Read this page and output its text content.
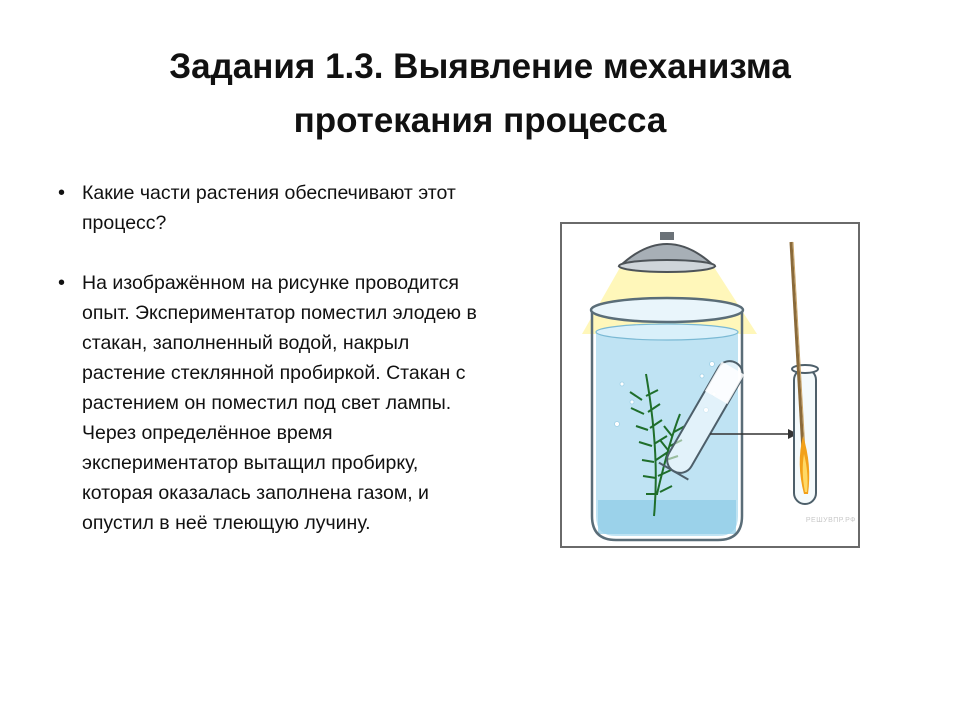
Задания 1.3. Выявление механизма
протекания процесса
• Какие части растения обеспечивают этот процесс?
• На изображённом на рисунке проводится опыт. Экспериментатор поместил элодею в стакан, заполненный водой, накрыл растение стеклянной пробиркой. Стакан с растением он поместил под свет лампы. Через определённое время экспериментатор вытащил пробирку, которая оказалась заполнена газом, и опустил в неё тлеющую лучину.	РЕШУВПР.РФ
